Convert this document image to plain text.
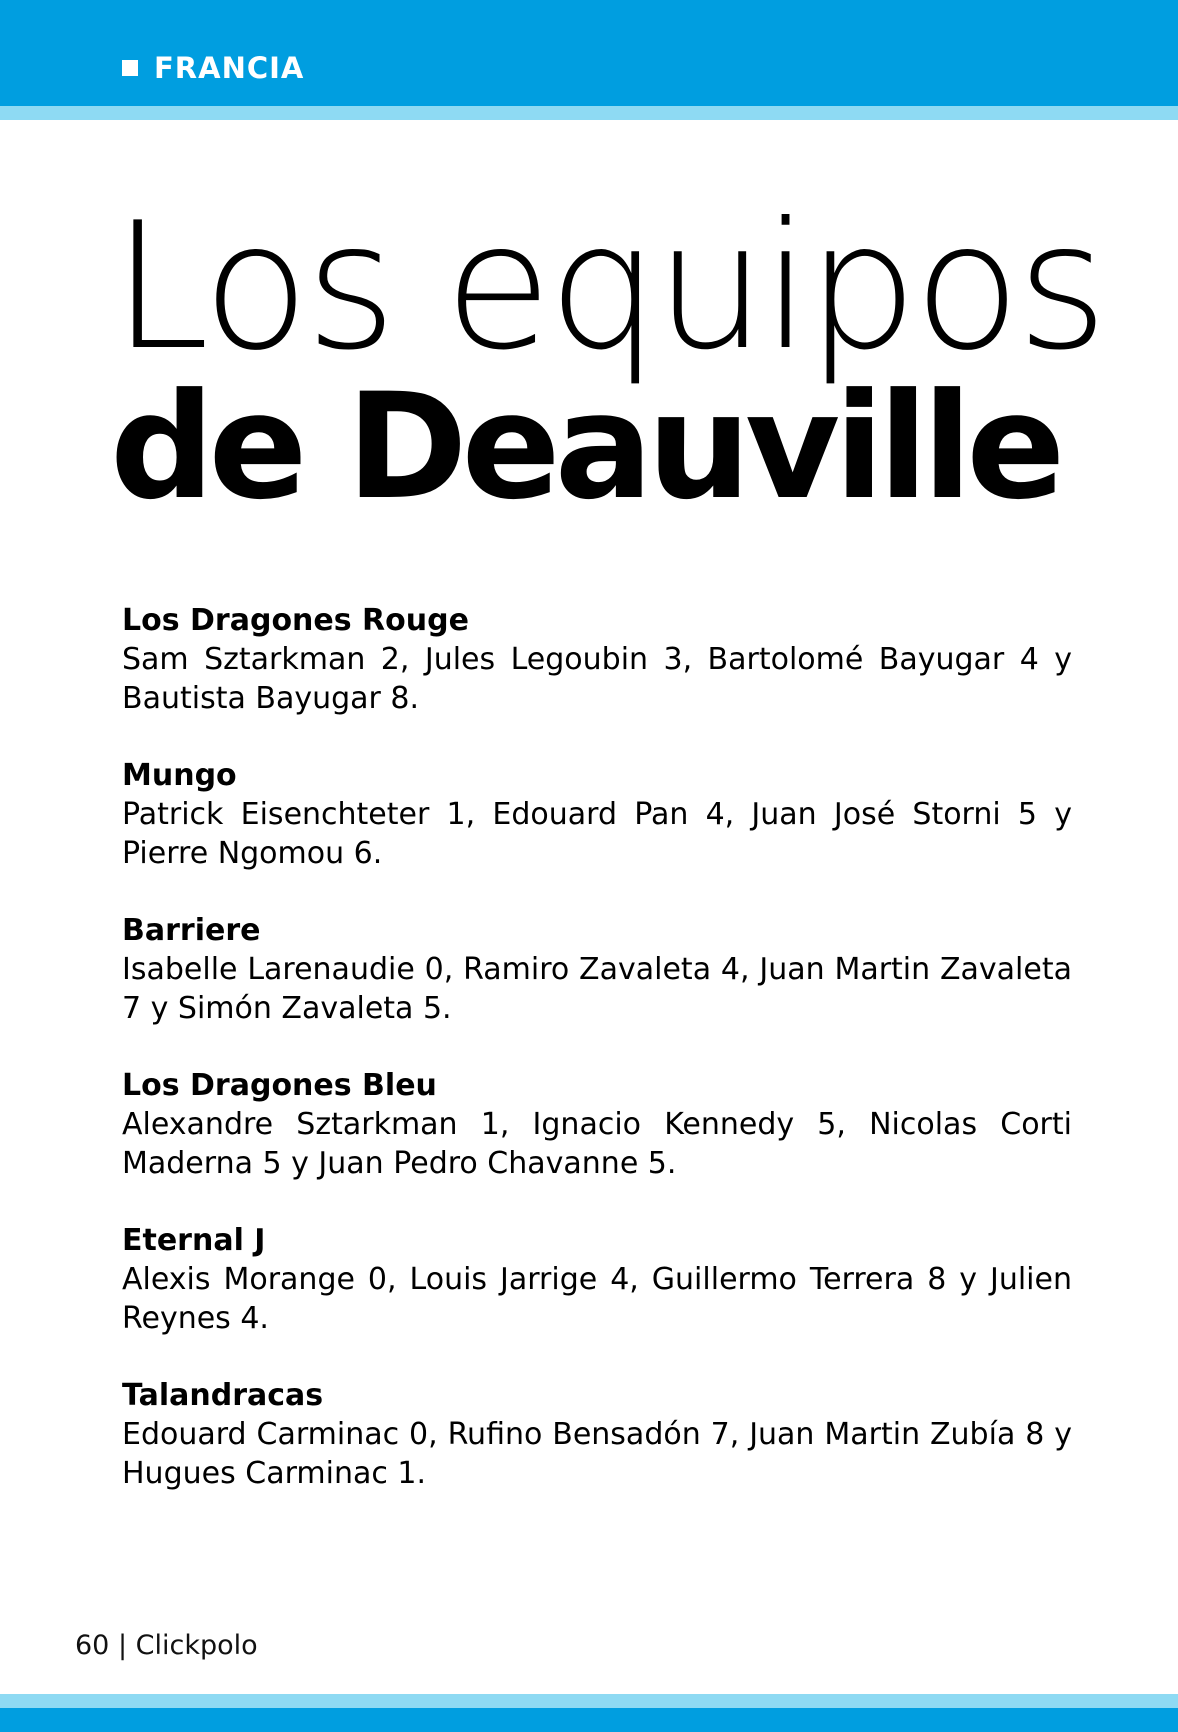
FRANCIA
Los equipos
de Deauville
Los Dragones Rouge
Sam Sztarkman 2, Jules Legoubin 3, Bartolomé Bayugar 4 y Bautista Bayugar 8.
Mungo
Patrick Eisenchteter 1, Edouard Pan 4, Juan José Storni 5 y Pierre Ngomou 6.
Barriere
Isabelle Larenaudie 0, Ramiro Zavaleta 4, Juan Martin Zavaleta 7 y Simón Zavaleta 5.
Los Dragones Bleu
Alexandre Sztarkman 1, Ignacio Kennedy 5, Nicolas Corti Maderna 5 y Juan Pedro Chavanne 5.
Eternal J
Alexis Morange 0, Louis Jarrige 4, Guillermo Terrera 8 y Julien Reynes 4.
Talandracas
Edouard Carminac 0, Rufino Bensadón 7, Juan Martin Zubía 8 y Hugues Carminac 1.
60 | Clickpolo
